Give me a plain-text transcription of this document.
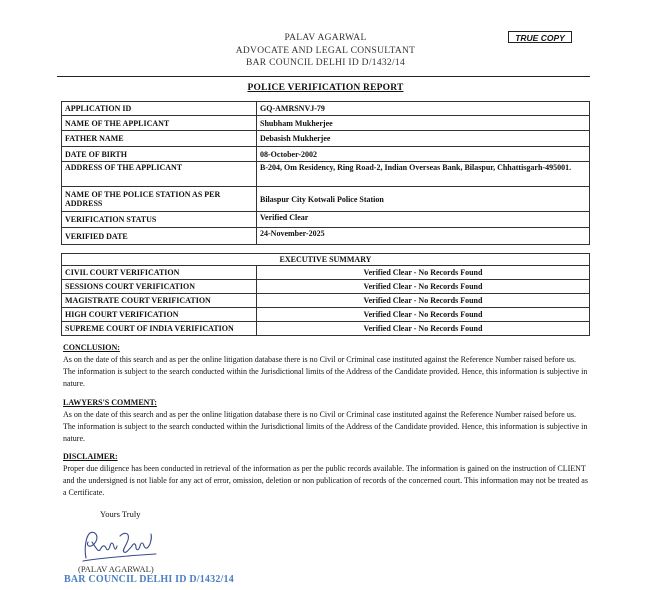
PALAV AGARWAL
ADVOCATE AND LEGAL CONSULTANT
BAR COUNCIL DELHI ID D/1432/14
TRUE COPY
POLICE VERIFICATION REPORT
APPLICATION ID	GQ-AMRSNVJ-79
NAME OF THE APPLICANT	Shubham Mukherjee
FATHER NAME	Debasish Mukherjee
DATE OF BIRTH	08-October-2002
ADDRESS OF THE APPLICANT	B-204, Om Residency, Ring Road-2, Indian Overseas Bank, Bilaspur, Chhattisgarh-495001.
NAME OF THE POLICE STATION AS PER ADDRESS	Bilaspur City Kotwali Police Station
VERIFICATION STATUS	Verified Clear
VERIFIED DATE	24-November-2025
EXECUTIVE SUMMARY	
CIVIL COURT VERIFICATION	Verified Clear - No Records Found
SESSIONS COURT VERIFICATION	Verified Clear - No Records Found
MAGISTRATE COURT VERIFICATION	Verified Clear - No Records Found
HIGH COURT VERIFICATION	Verified Clear - No Records Found
SUPREME COURT OF INDIA VERIFICATION	Verified Clear - No Records Found
CONCLUSION:
As on the date of this search and as per the online litigation database there is no Civil or Criminal case instituted against the Reference Number raised before us. The information is subject to the search conducted within the Jurisdictional limits of the Address of the Candidate provided. Hence, this information is subjective in nature.
LAWYERS'S COMMENT:
As on the date of this search and as per the online litigation database there is no Civil or Criminal case instituted against the Reference Number raised before us. The information is subject to the search conducted within the Jurisdictional limits of the Address of the Candidate provided. Hence, this information is subjective in nature.
DISCLAIMER:
Proper due diligence has been conducted in retrieval of the information as per the public records available. The information is gained on the instruction of CLIENT and the undersigned is not liable for any act of error, omission, deletion or non publication of records of the concerned court. This information may not be treated as a Certificate.
Yours Truly
(PALAV AGARWAL)
BAR COUNCIL DELHI ID D/1432/14
